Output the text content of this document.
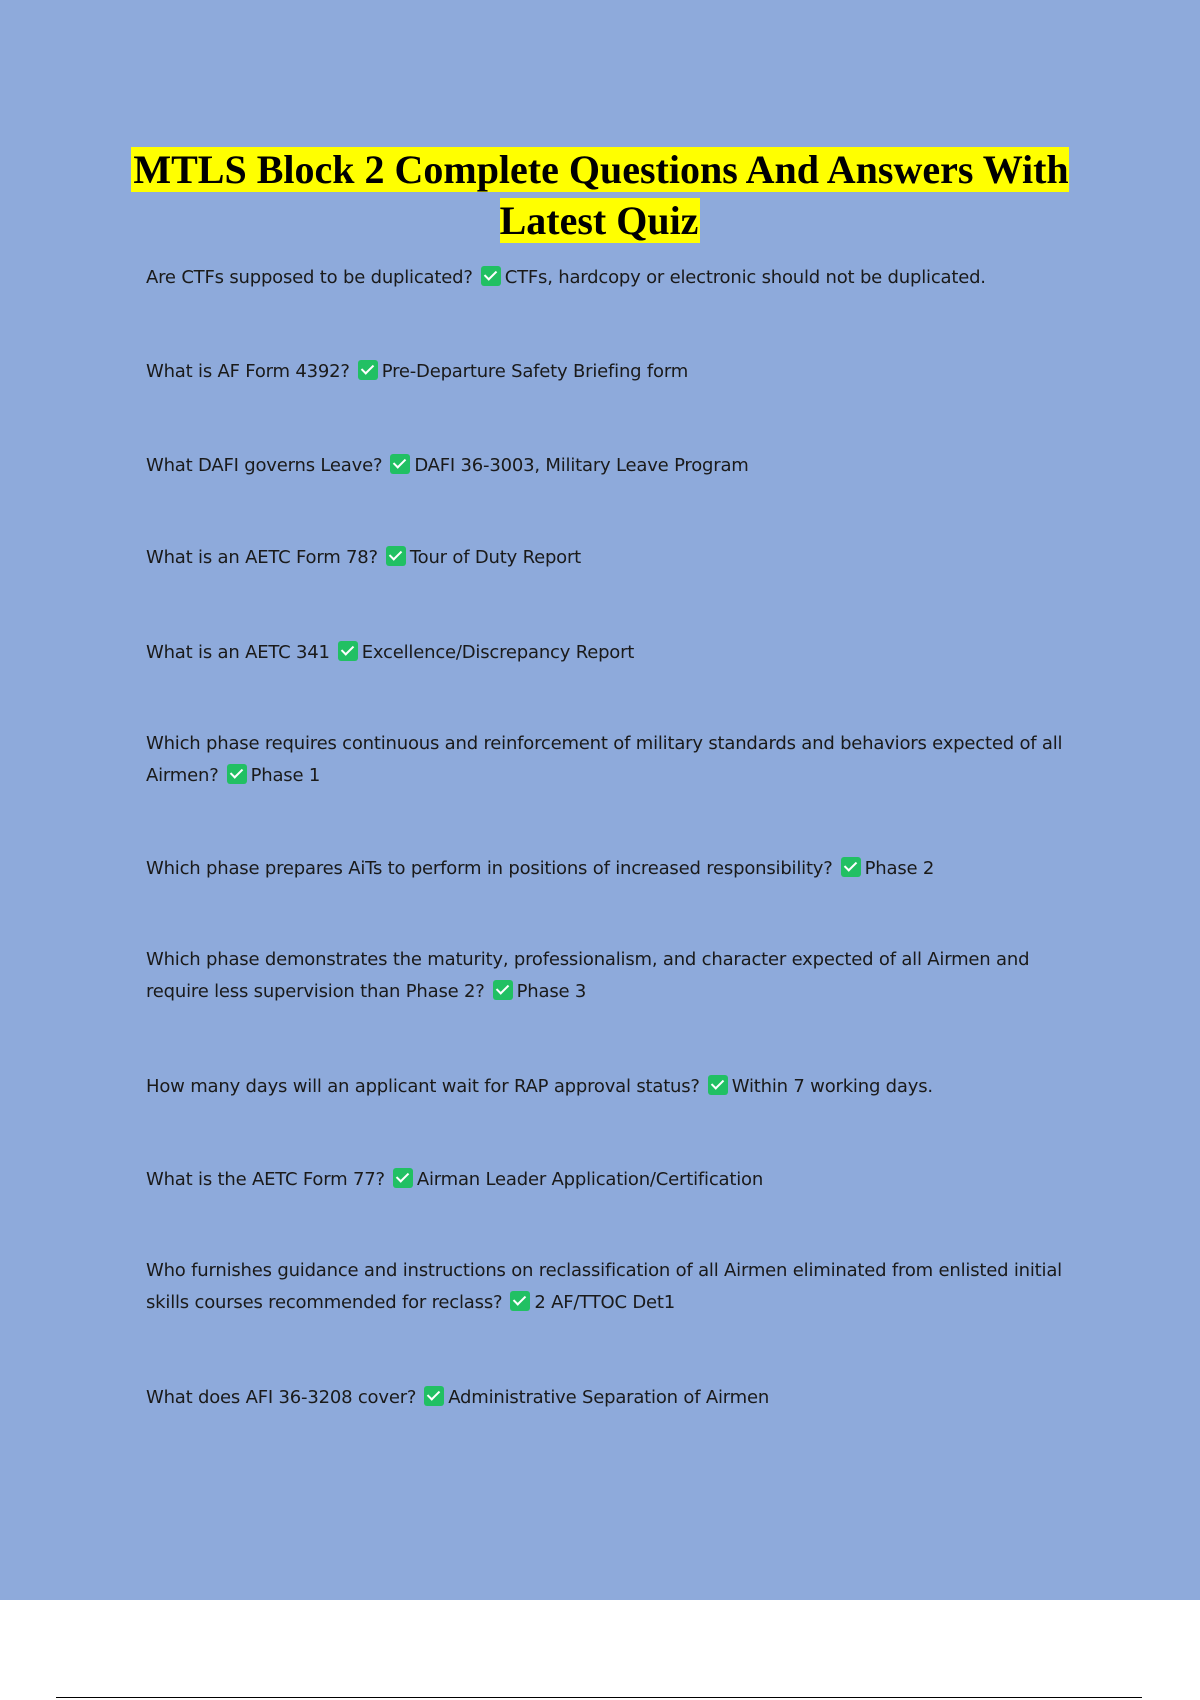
MTLS Block 2 Complete Questions And Answers With Latest Quiz
Are CTFs supposed to be duplicated? CTFs, hardcopy or electronic should not be duplicated.
What is AF Form 4392? Pre-Departure Safety Briefing form
What DAFI governs Leave? DAFI 36-3003, Military Leave Program
What is an AETC Form 78? Tour of Duty Report
What is an AETC 341 Excellence/Discrepancy Report
Which phase requires continuous and reinforcement of military standards and behaviors expected of all Airmen? Phase 1
Which phase prepares AiTs to perform in positions of increased responsibility? Phase 2
Which phase demonstrates the maturity, professionalism, and character expected of all Airmen and require less supervision than Phase 2? Phase 3
How many days will an applicant wait for RAP approval status? Within 7 working days.
What is the AETC Form 77? Airman Leader Application/Certification
Who furnishes guidance and instructions on reclassification of all Airmen eliminated from enlisted initial skills courses recommended for reclass? 2 AF/TTOC Det1
What does AFI 36-3208 cover? Administrative Separation of Airmen
